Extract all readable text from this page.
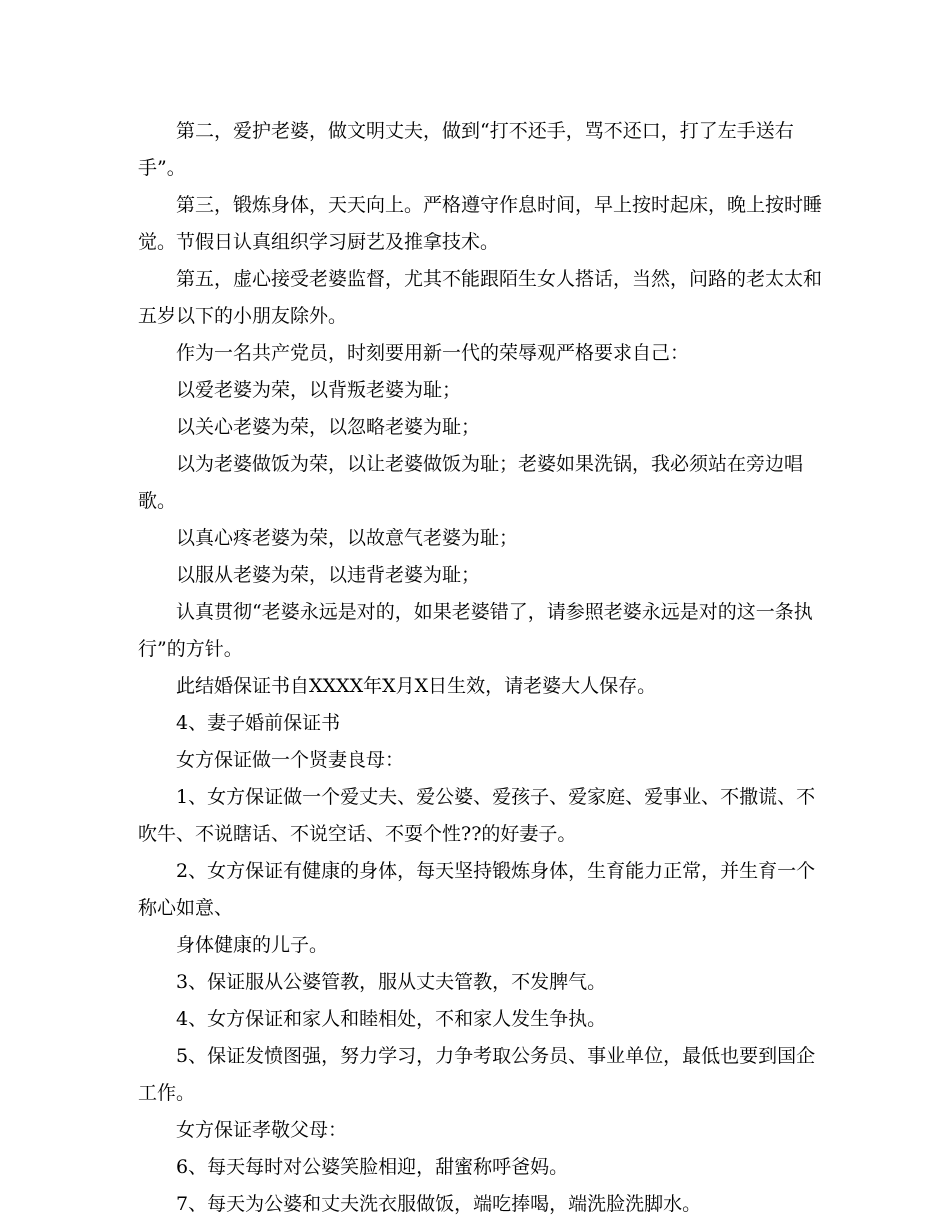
第二，爱护老婆，做文明丈夫，做到“打不还手，骂不还口，打了左手送右手”。

第三，锻炼身体，天天向上。严格遵守作息时间，早上按时起床，晚上按时睡觉。节假日认真组织学习厨艺及推拿技术。

第五，虚心接受老婆监督，尤其不能跟陌生女人搭话，当然，问路的老太太和五岁以下的小朋友除外。

作为一名共产党员，时刻要用新一代的荣辱观严格要求自己：

以爱老婆为荣，以背叛老婆为耻；

以关心老婆为荣，以忽略老婆为耻；

以为老婆做饭为荣，以让老婆做饭为耻；老婆如果洗锅，我必须站在旁边唱歌。

以真心疼老婆为荣，以故意气老婆为耻；

以服从老婆为荣，以违背老婆为耻；

认真贯彻“老婆永远是对的，如果老婆错了，请参照老婆永远是对的这一条执行”的方针。

此结婚保证书自XXXX年X月X日生效，请老婆大人保存。

4、妻子婚前保证书

女方保证做一个贤妻良母：

1、女方保证做一个爱丈夫、爱公婆、爱孩子、爱家庭、爱事业、不撒谎、不吹牛、不说瞎话、不说空话、不耍个性??的好妻子。

2、女方保证有健康的身体，每天坚持锻炼身体，生育能力正常，并生育一个称心如意、

身体健康的儿子。

3、保证服从公婆管教，服从丈夫管教，不发脾气。

4、女方保证和家人和睦相处，不和家人发生争执。

5、保证发愤图强，努力学习，力争考取公务员、事业单位，最低也要到国企工作。

女方保证孝敬父母：

6、每天每时对公婆笑脸相迎，甜蜜称呼爸妈。

7、每天为公婆和丈夫洗衣服做饭，端吃捧喝，端洗脸洗脚水。
